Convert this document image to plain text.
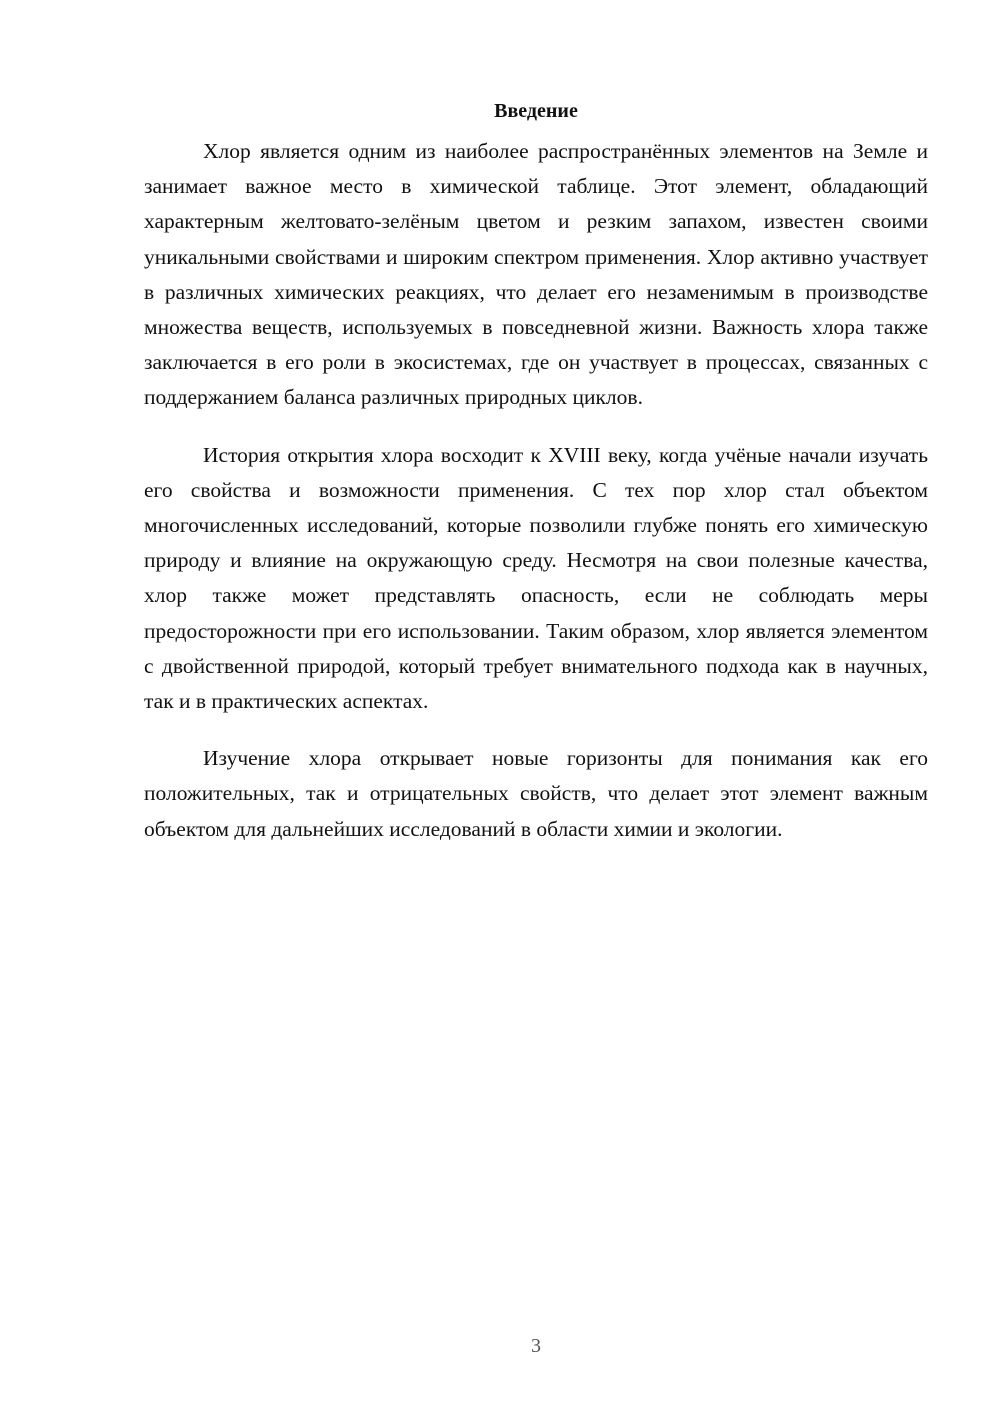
Введение

Хлор является одним из наиболее распространённых элементов на Земле и занимает важное место в химической таблице. Этот элемент, обладающий характерным желтовато-зелёным цветом и резким запахом, известен своими уникальными свойствами и широким спектром применения. Хлор активно участвует в различных химических реакциях, что делает его незаменимым в производстве множества веществ, используемых в повседневной жизни. Важность хлора также заключается в его роли в экосистемах, где он участвует в процессах, связанных с поддержанием баланса различных природных циклов.

История открытия хлора восходит к XVIII веку, когда учёные начали изучать его свойства и возможности применения. С тех пор хлор стал объектом многочисленных исследований, которые позволили глубже понять его химическую природу и влияние на окружающую среду. Несмотря на свои полезные качества, хлор также может представлять опасность, если не соблюдать меры предосторожности при его использовании. Таким образом, хлор является элементом с двойственной природой, который требует внимательного подхода как в научных, так и в практических аспектах.

Изучение хлора открывает новые горизонты для понимания как его положительных, так и отрицательных свойств, что делает этот элемент важным объектом для дальнейших исследований в области химии и экологии.

3
